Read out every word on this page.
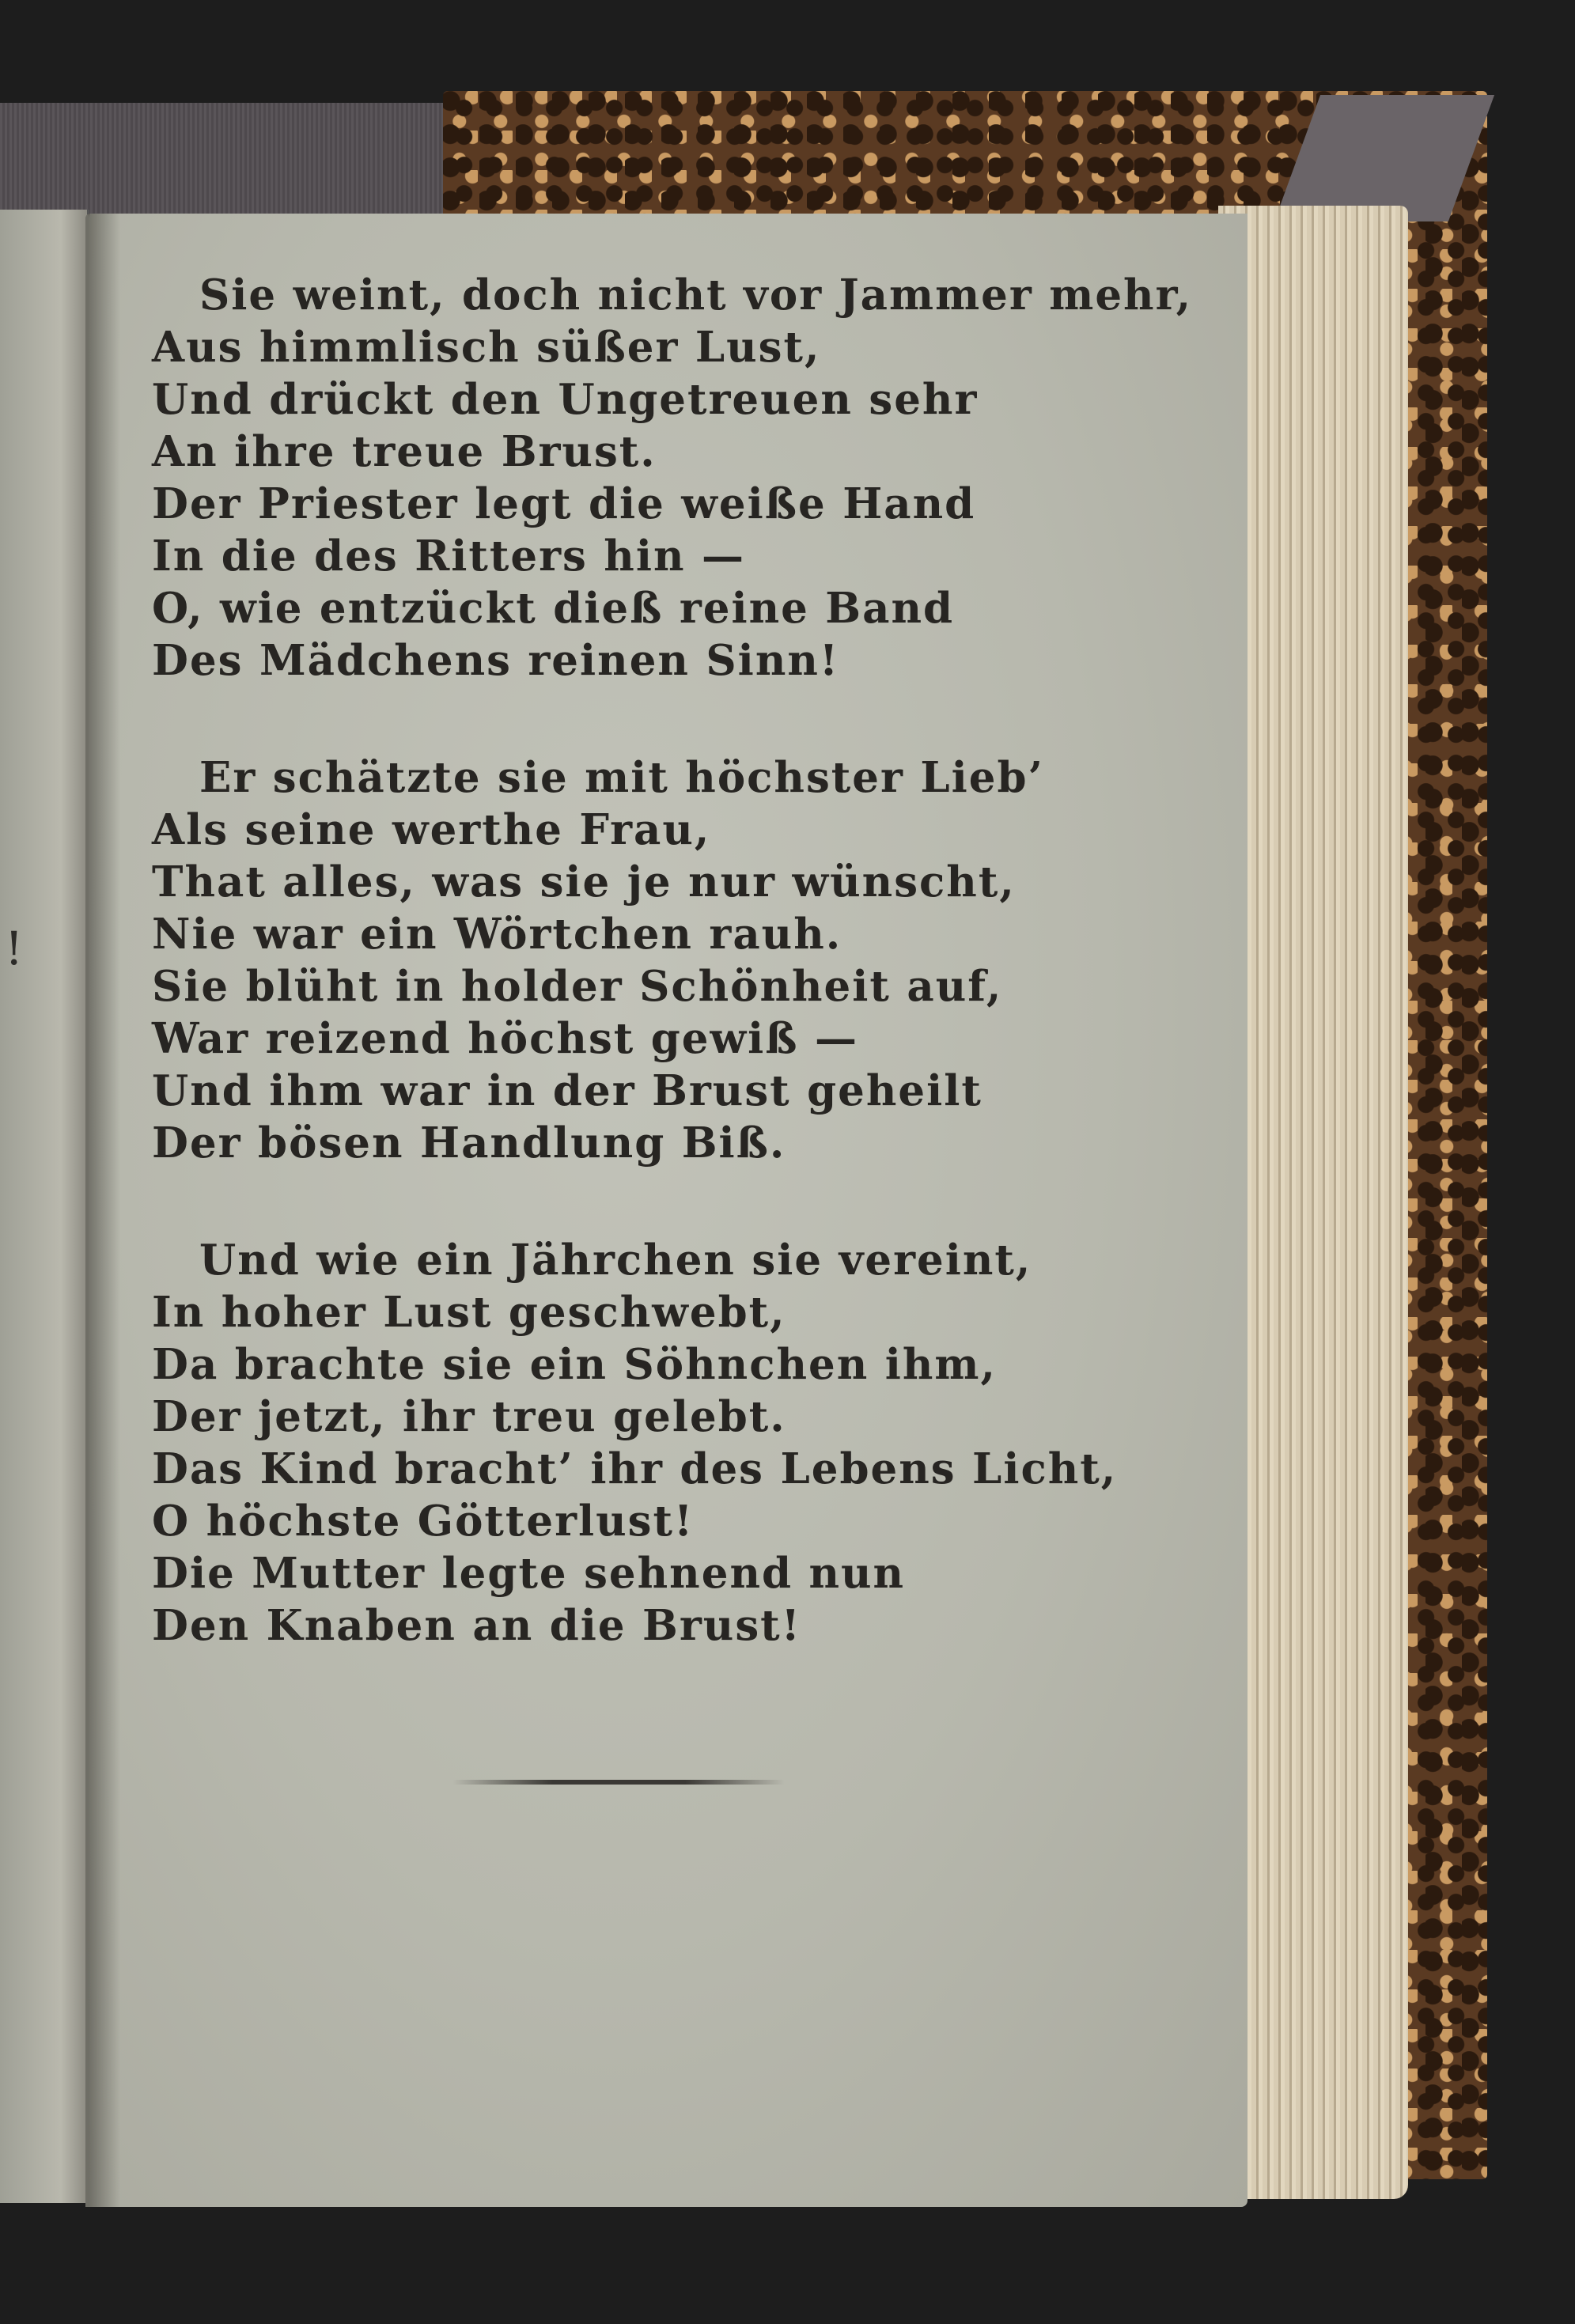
!
Sie weint, doch nicht vor Jammer mehr,
Aus himmlisch süßer Lust,
Und drückt den Ungetreuen sehr
An ihre treue Brust.
Der Priester legt die weiße Hand
In die des Ritters hin —
O, wie entzückt dieß reine Band
Des Mädchens reinen Sinn!
Er schätzte sie mit höchster Lieb’
Als seine werthe Frau,
That alles, was sie je nur wünscht,
Nie war ein Wörtchen rauh.
Sie blüht in holder Schönheit auf,
War reizend höchst gewiß —
Und ihm war in der Brust geheilt
Der bösen Handlung Biß.
Und wie ein Jährchen sie vereint,
In hoher Lust geschwebt,
Da brachte sie ein Söhnchen ihm,
Der jetzt, ihr treu gelebt.
Das Kind bracht’ ihr des Lebens Licht,
O höchste Götterlust!
Die Mutter legte sehnend nun
Den Knaben an die Brust!
